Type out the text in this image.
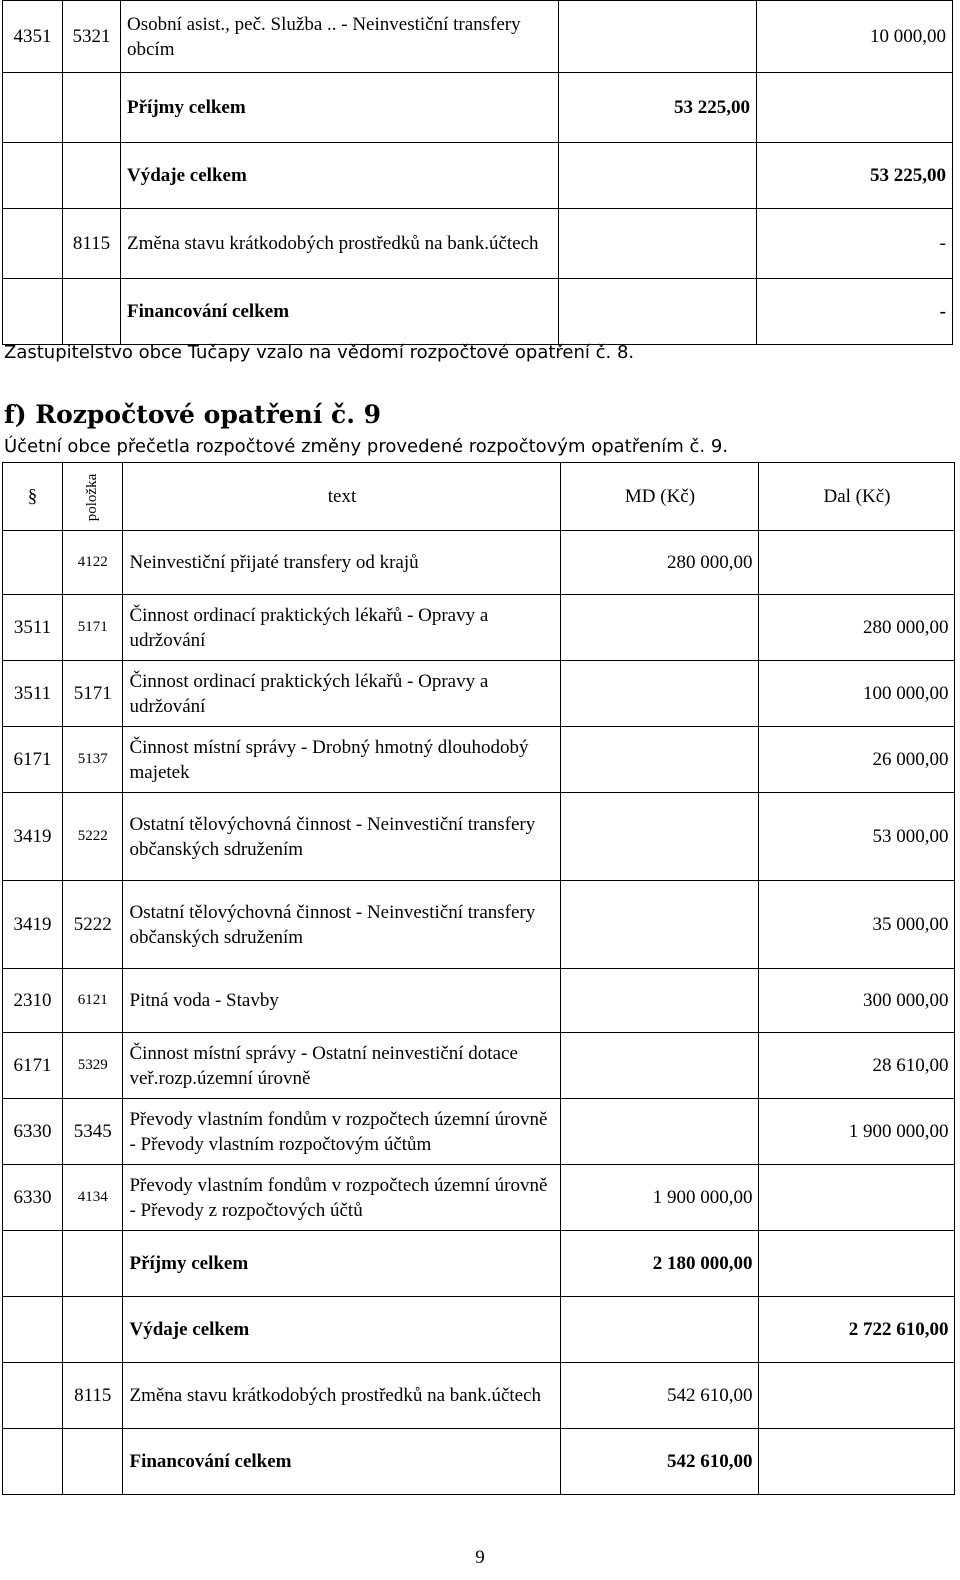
4351	5321	Osobní asist., peč. Služba .. - Neinvestiční transfery obcím		10 000,00
		Příjmy celkem	53 225,00	
		Výdaje celkem		53 225,00
	8115	Změna stavu krátkodobých prostředků na bank.účtech		-
		Financování celkem		-
Zastupitelstvo obce Tučapy vzalo na vědomí rozpočtové opatření č. 8.
f) Rozpočtové opatření č. 9
Účetní obce přečetla rozpočtové změny provedené rozpočtovým opatřením č. 9.
§	položka	text	MD (Kč)	Dal (Kč)
	4122	Neinvestiční přijaté transfery od krajů	280 000,00	
3511	5171	Činnost ordinací praktických lékařů - Opravy a udržování		280 000,00
3511	5171	Činnost ordinací praktických lékařů - Opravy a udržování		100 000,00
6171	5137	Činnost místní správy - Drobný hmotný dlouhodobý majetek		26 000,00
3419	5222	Ostatní tělovýchovná činnost - Neinvestiční transfery občanských sdružením		53 000,00
3419	5222	Ostatní tělovýchovná činnost - Neinvestiční transfery občanských sdružením		35 000,00
2310	6121	Pitná voda - Stavby		300 000,00
6171	5329	Činnost místní správy - Ostatní neinvestiční dotace veř.rozp.územní úrovně		28 610,00
6330	5345	Převody vlastním fondům v rozpočtech územní úrovně - Převody vlastním rozpočtovým účtům		1 900 000,00
6330	4134	Převody vlastním fondům v rozpočtech územní úrovně - Převody z rozpočtových účtů	1 900 000,00	
		Příjmy celkem	2 180 000,00	
		Výdaje celkem		2 722 610,00
	8115	Změna stavu krátkodobých prostředků na bank.účtech	542 610,00	
		Financování celkem	542 610,00	
9
